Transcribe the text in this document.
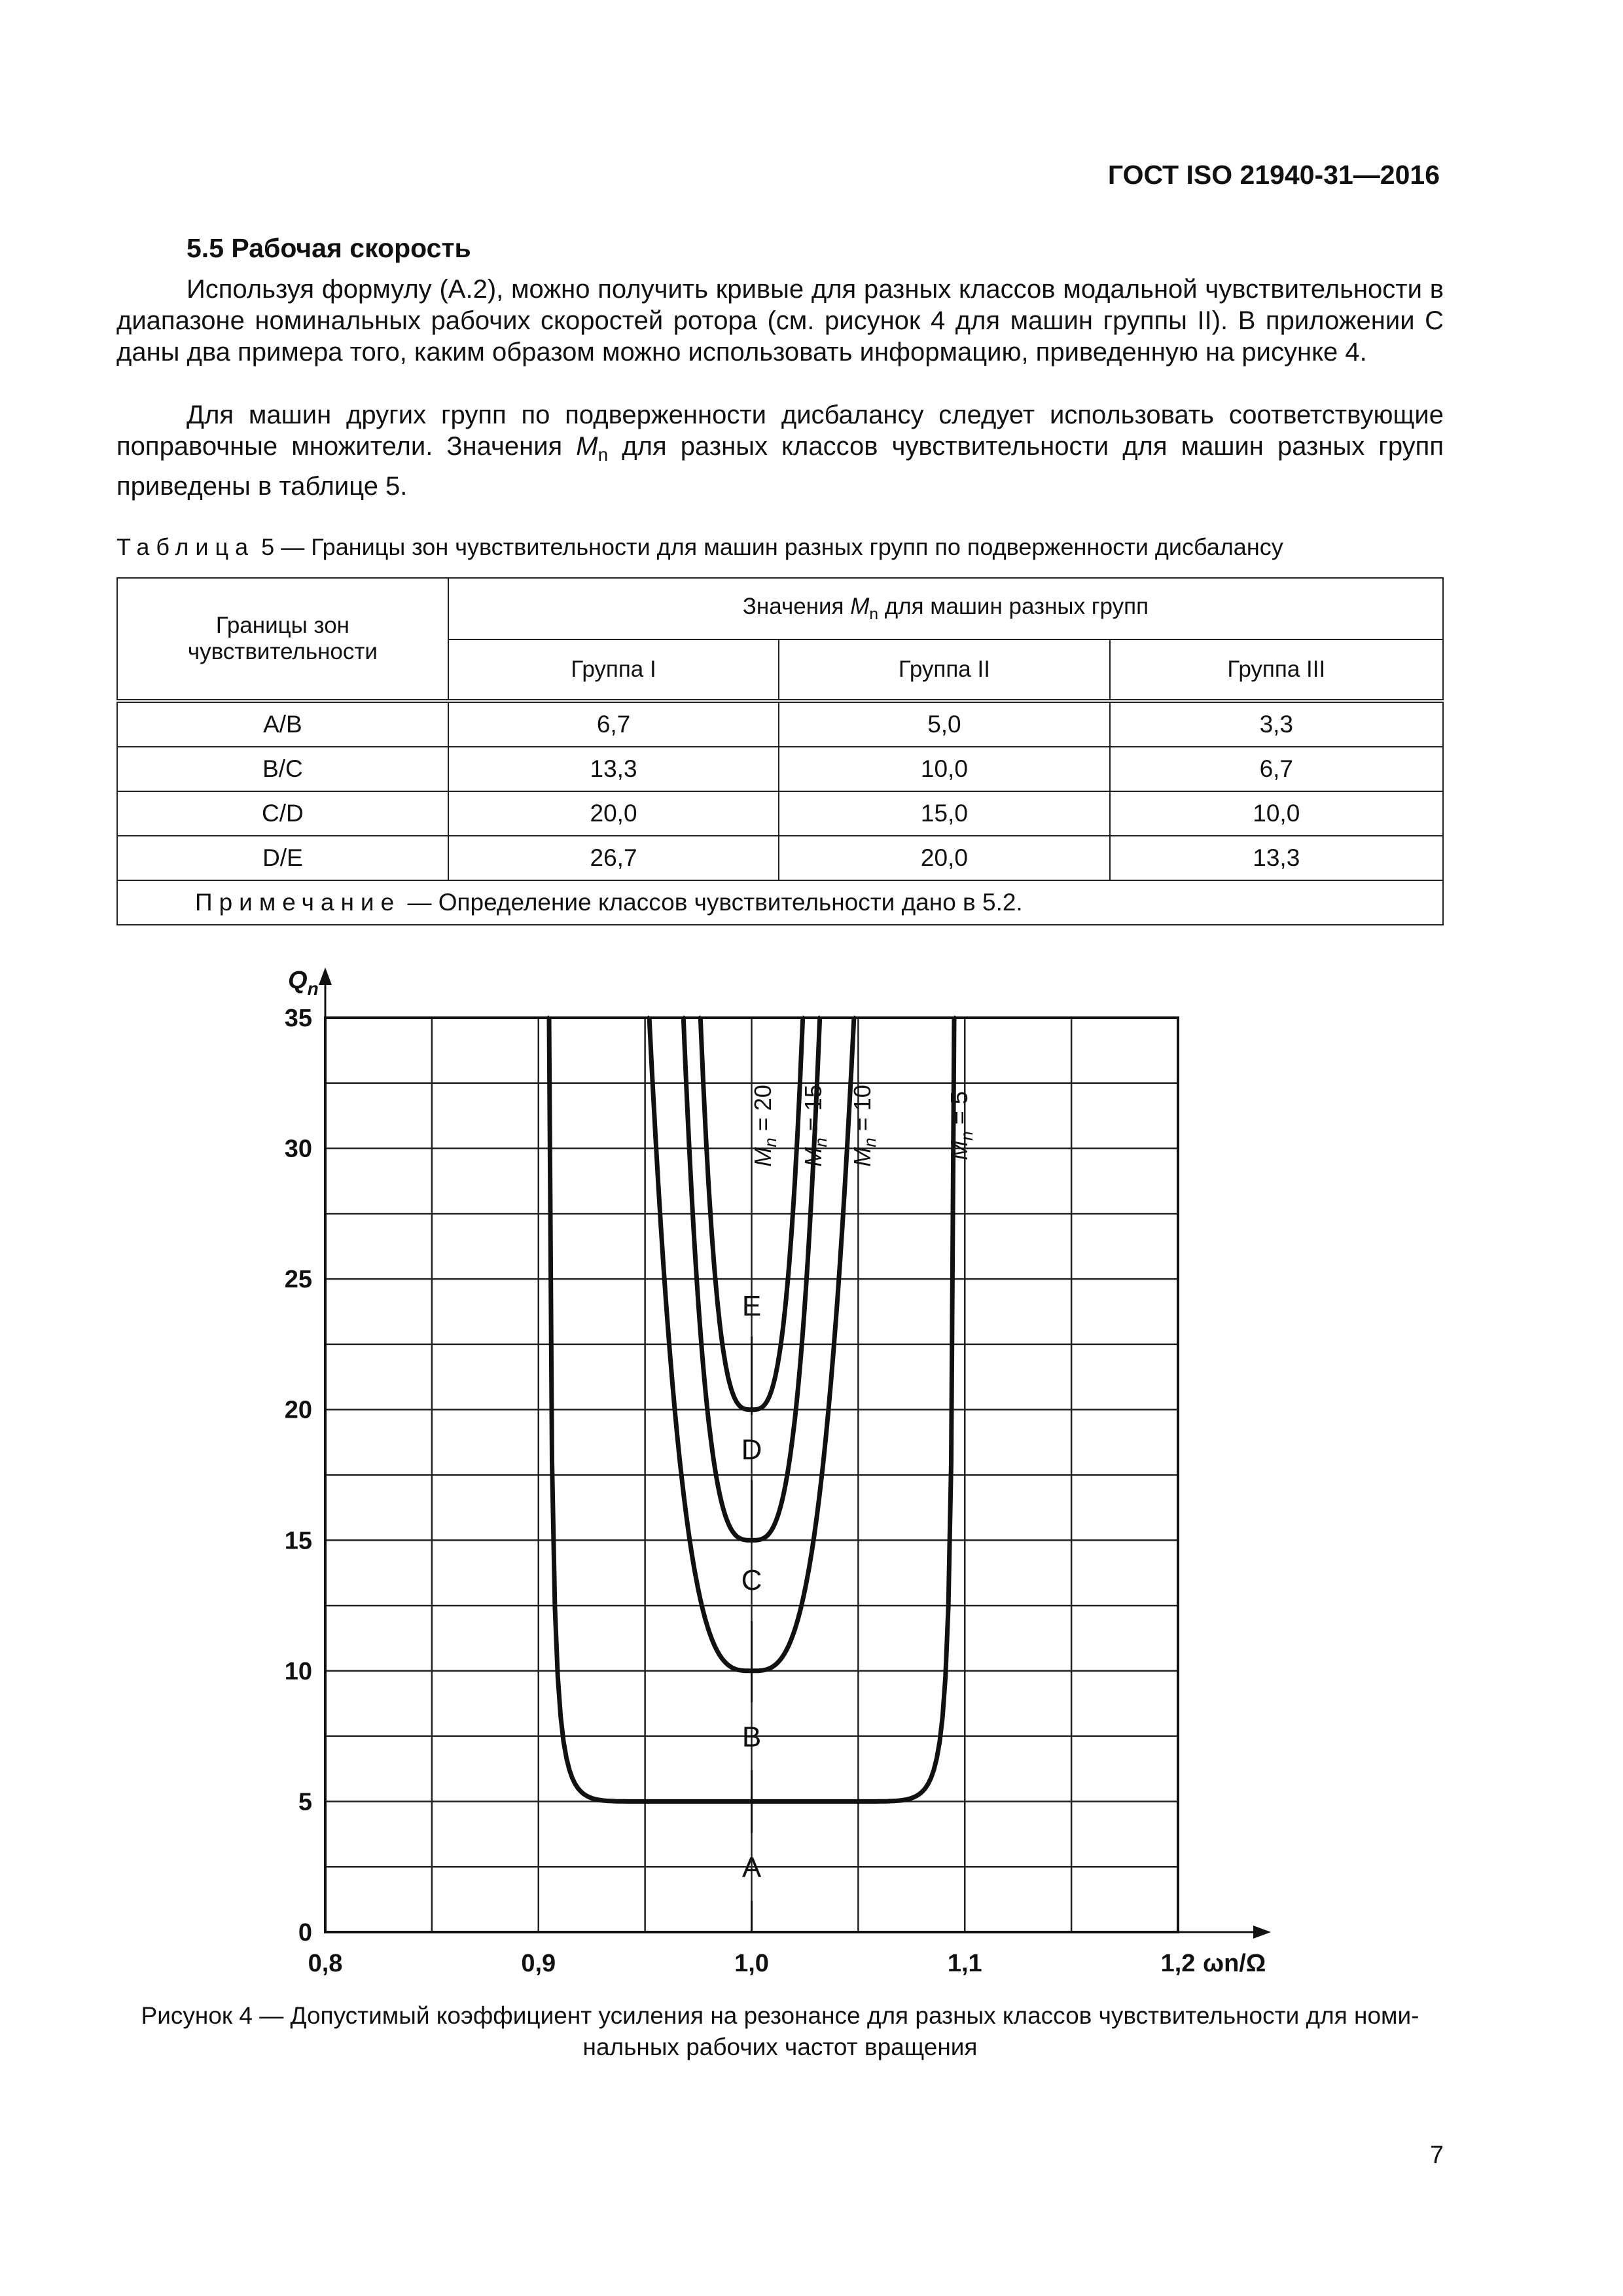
ГОСТ ISO 21940-31—2016
5.5 Рабочая скорость

Используя формулу (А.2), можно получить кривые для разных классов модальной чувствительности в диапазоне номинальных рабочих скоростей ротора (см. рисунок 4 для машин группы II). В приложении С даны два примера того, каким образом можно использовать информацию, приведенную на рисунке 4.

Для машин других групп по подверженности дисбалансу следует использовать соответствующие поправочные множители. Значения $M_n$ для разных классов чувствительности для машин разных групп приведены в таблице 5.

Таблица 5 — Границы зон чувствительности для машин разных групп по подверженности дисбалансу
Границы зон чувствительности	Значения $M_n$ для машин разных групп		
	Группа I	Группа II	Группа III
A/B	6,7	5,0	3,3
B/C	13,3	10,0	6,7
C/D	20,0	15,0	10,0
D/E	26,7	20,0	13,3
Примечание — Определение классов чувствительности дано в 5.2.			
0,8	0,9	1,0	1,1	1,2
0
5
10
15
20
25
30
35
$Q_n$
ωn/Ω
A
B
C
D
E
$M_n = 5$
$M_n = 10$
$M_n = 15$
$M_n = 20$
Рисунок 4 — Допустимый коэффициент усиления на резонансе для разных классов чувствительности для номи-
нальных рабочих частот вращения
7
